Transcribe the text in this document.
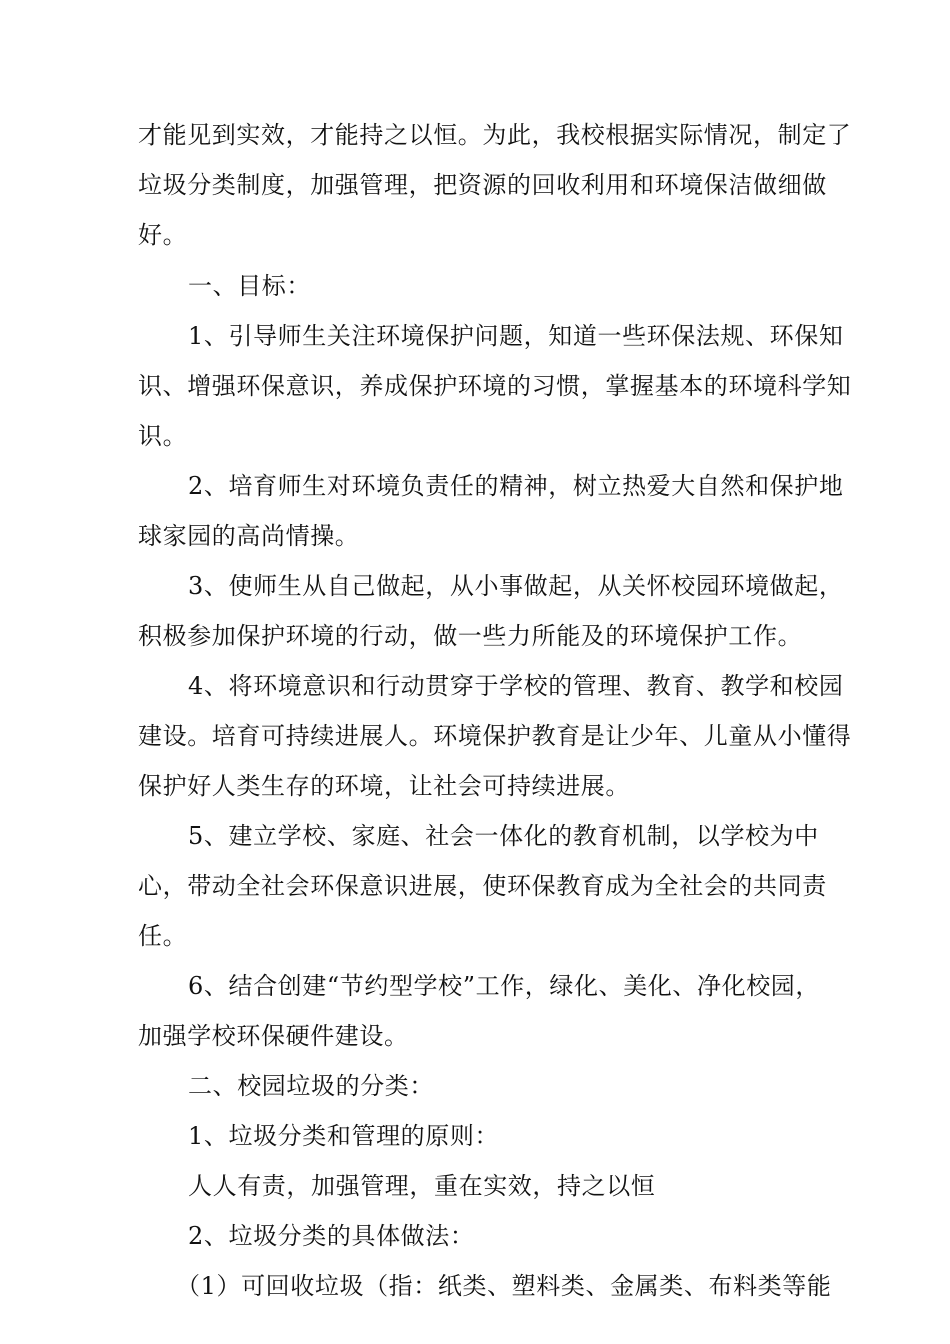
才能见到实效，才能持之以恒。为此，我校根据实际情况，制定了
垃圾分类制度，加强管理，把资源的回收利用和环境保洁做细做
好。

一、目标：

1、引导师生关注环境保护问题，知道一些环保法规、环保知
识、增强环保意识，养成保护环境的习惯，掌握基本的环境科学知
识。

2、培育师生对环境负责任的精神，树立热爱大自然和保护地
球家园的高尚情操。

3、使师生从自己做起，从小事做起，从关怀校园环境做起，
积极参加保护环境的行动，做一些力所能及的环境保护工作。

4、将环境意识和行动贯穿于学校的管理、教育、教学和校园
建设。培育可持续进展人。环境保护教育是让少年、儿童从小懂得
保护好人类生存的环境，让社会可持续进展。

5、建立学校、家庭、社会一体化的教育机制，以学校为中
心，带动全社会环保意识进展，使环保教育成为全社会的共同责
任。

6、结合创建“节约型学校”工作，绿化、美化、净化校园，
加强学校环保硬件建设。

二、校园垃圾的分类：

1、垃圾分类和管理的原则：

人人有责，加强管理，重在实效，持之以恒

2、垃圾分类的具体做法：

（1）可回收垃圾（指：纸类、塑料类、金属类、布料类等能
